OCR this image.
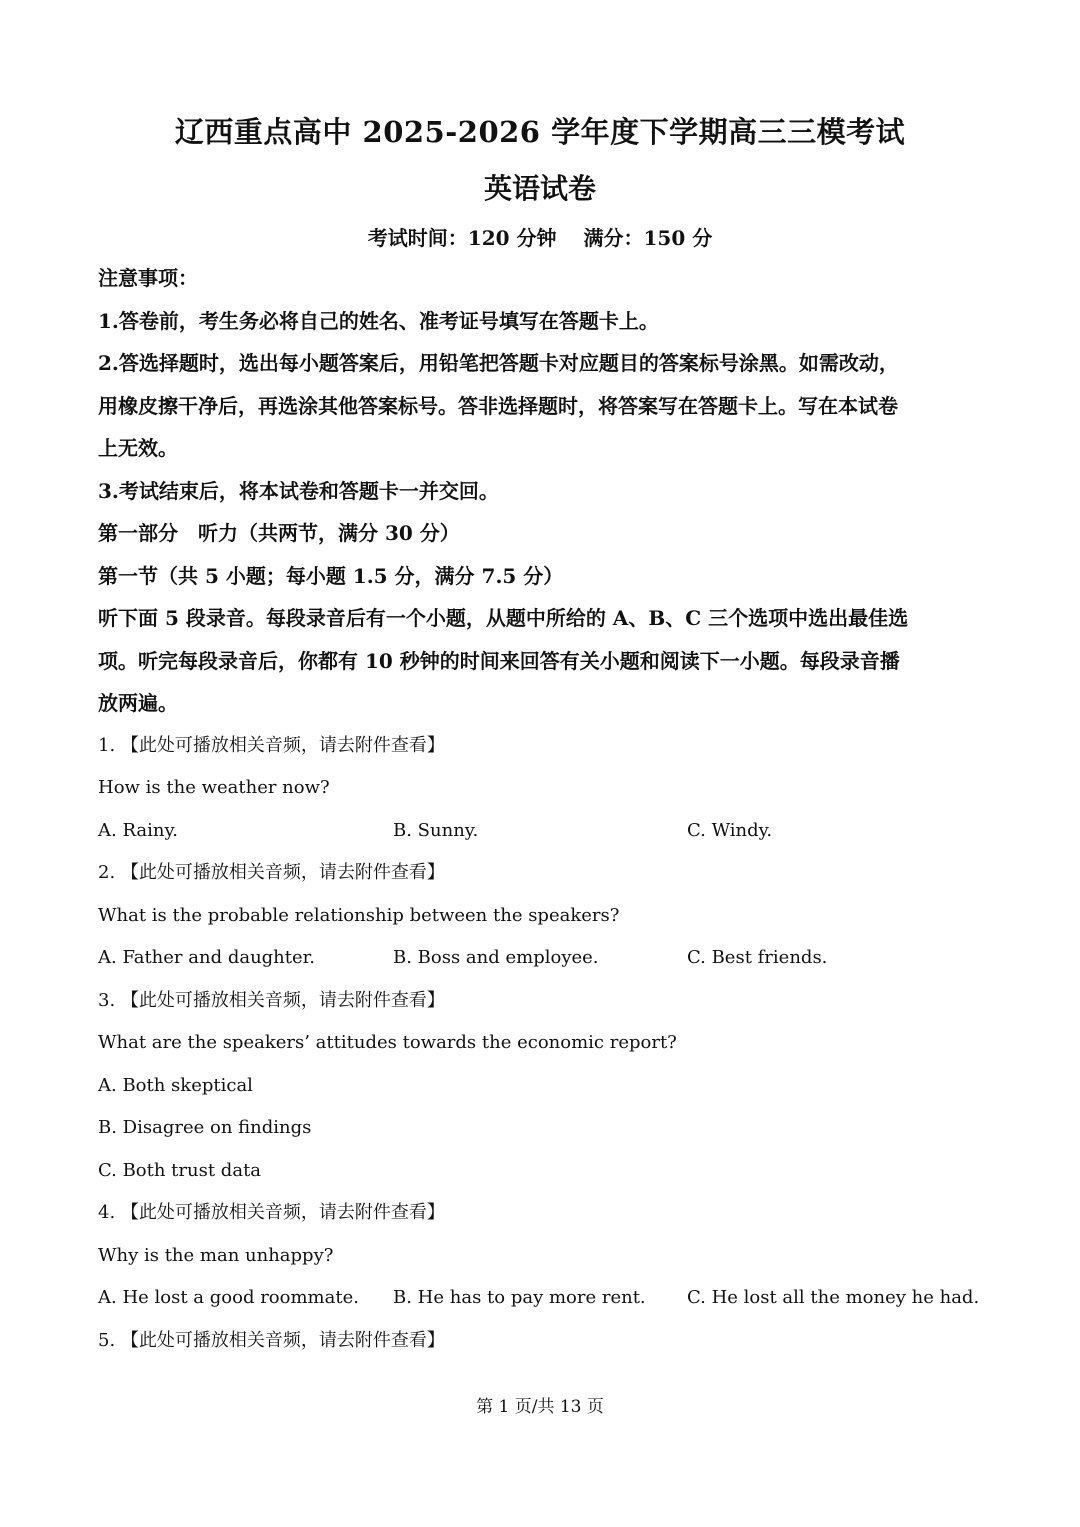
辽西重点高中 2025-2026 学年度下学期高三三模考试
英语试卷
考试时间：120 分钟 满分：150 分
注意事项：
1.答卷前，考生务必将自己的姓名、准考证号填写在答题卡上。
2.答选择题时，选出每小题答案后，用铅笔把答题卡对应题目的答案标号涂黑。如需改动，
用橡皮擦干净后，再选涂其他答案标号。答非选择题时，将答案写在答题卡上。写在本试卷
上无效。
3.考试结束后，将本试卷和答题卡一并交回。
第一部分　听力（共两节，满分 30 分）
第一节（共 5 小题；每小题 1.5 分，满分 7.5 分）
听下面 5 段录音。每段录音后有一个小题，从题中所给的 A、B、C 三个选项中选出最佳选
项。听完每段录音后，你都有 10 秒钟的时间来回答有关小题和阅读下一小题。每段录音播
放两遍。
1. 【此处可播放相关音频，请去附件查看】
How is the weather now?
A. Rainy.	B. Sunny.	C. Windy.
2. 【此处可播放相关音频，请去附件查看】
What is the probable relationship between the speakers?
A. Father and daughter.	B. Boss and employee.	C. Best friends.
3. 【此处可播放相关音频，请去附件查看】
What are the speakers’ attitudes towards the economic report?
A. Both skeptical
B. Disagree on findings
C. Both trust data
4. 【此处可播放相关音频，请去附件查看】
Why is the man unhappy?
A. He lost a good roommate. B. He has to pay more rent. C. He lost all the money he had.
5. 【此处可播放相关音频，请去附件查看】
第 1 页/共 13 页
